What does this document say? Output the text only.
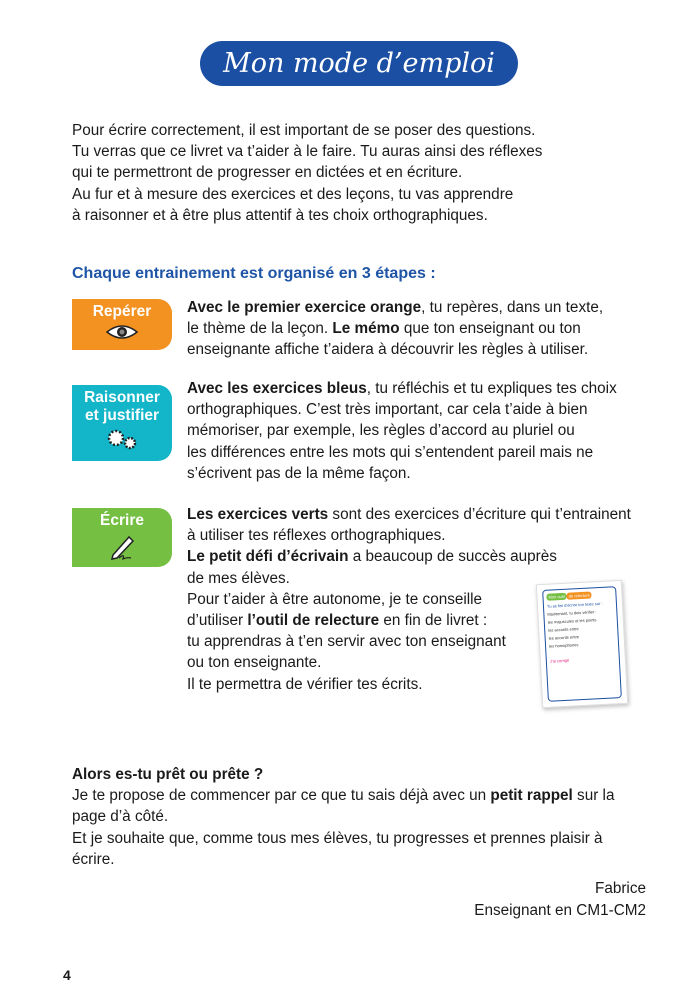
Mon mode d’emploi
Pour écrire correctement, il est important de se poser des questions.
Tu verras que ce livret va t’aider à le faire. Tu auras ainsi des réflexes
qui te permettront de progresser en dictées et en écriture.
Au fur et à mesure des exercices et des leçons, tu vas apprendre
à raisonner et à être plus attentif à tes choix orthographiques.
Chaque entrainement est organisé en 3 étapes :
Repérer	Avec le premier exercice orange, tu repères, dans un texte,
le thème de la leçon. Le mémo que ton enseignant ou ton
enseignante affiche t’aidera à découvrir les règles à utiliser.
Raisonner
et justifier
Avec les exercices bleus, tu réfléchis et tu expliques tes choix
orthographiques. C’est très important, car cela t’aide à bien
mémoriser, par exemple, les règles d’accord au pluriel ou
les différences entre les mots qui s’entendent pareil mais ne
s’écrivent pas de la même façon.
Écrire	Les exercices verts sont des exercices d’écriture qui t’entrainent
à utiliser tes réflexes orthographiques.
Le petit défi d’écrivain a beaucoup de succès auprès
de mes élèves.
Pour t’aider à être autonome, je te conseille
d’utiliser l’outil de relecture en fin de livret :
tu apprendras à t’en servir avec ton enseignant
ou ton enseignante.
Il te permettra de vérifier tes écrits.
Mon outil de relecture
Tu as fini d’écrire ton texte sur :
Maintenant, tu dois vérifier :
les majuscules et les points
les accords entre
les accords entre
les homophones
J’ai corrigé
Alors es-tu prêt ou prête ?
Je te propose de commencer par ce que tu sais déjà avec un petit rappel sur la
page d’à côté.
Et je souhaite que, comme tous mes élèves, tu progresses et prennes plaisir à
écrire.
Fabrice
Enseignant en CM1-CM2
4
